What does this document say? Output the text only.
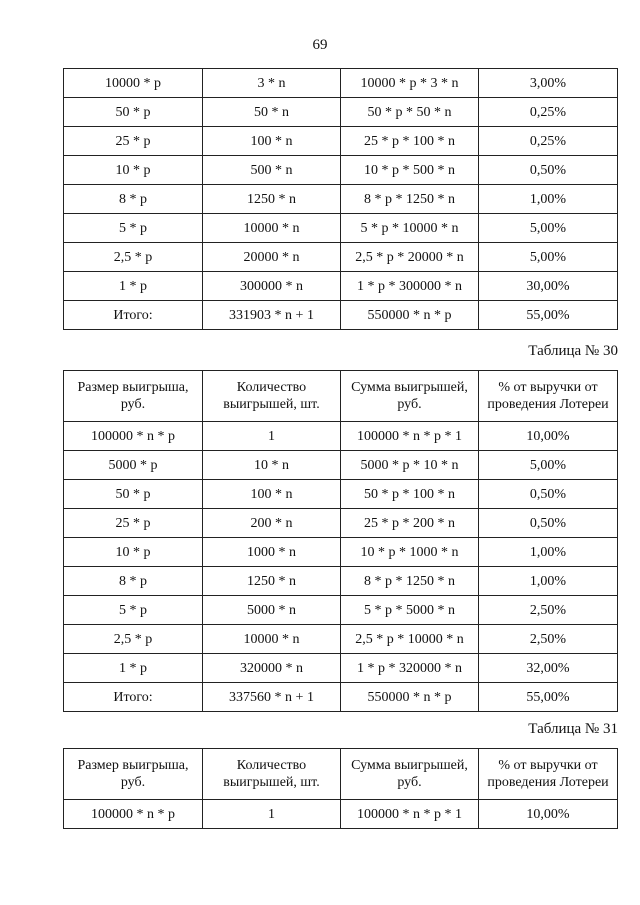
69
10000 * p	3 * n	10000 * p * 3 * n	3,00%
50 * p	50 * n	50 * p * 50 * n	0,25%
25 * p	100 * n	25 * p * 100 * n	0,25%
10 * p	500 * n	10 * p * 500 * n	0,50%
8 * p	1250 * n	8 * p * 1250 * n	1,00%
5 * p	10000 * n	5 * p * 10000 * n	5,00%
2,5 * p	20000 * n	2,5 * p * 20000 * n	5,00%
1 * p	300000 * n	1 * p * 300000 * n	30,00%
Итого:	331903 * n + 1	550000 * n * p	55,00%
Таблица № 30
Размер выигрыша, руб.	Количество выигрышей, шт.	Сумма выигрышей, руб.	% от выручки от проведения Лотереи
100000 * n * p	1	100000 * n * p * 1	10,00%
5000 * p	10 * n	5000 * p * 10 * n	5,00%
50 * p	100 * n	50 * p * 100 * n	0,50%
25 * p	200 * n	25 * p * 200 * n	0,50%
10 * p	1000 * n	10 * p * 1000 * n	1,00%
8 * p	1250 * n	8 * p * 1250 * n	1,00%
5 * p	5000 * n	5 * p * 5000 * n	2,50%
2,5 * p	10000 * n	2,5 * p * 10000 * n	2,50%
1 * p	320000 * n	1 * p * 320000 * n	32,00%
Итого:	337560 * n + 1	550000 * n * p	55,00%
Таблица № 31
Размер выигрыша, руб.	Количество выигрышей, шт.	Сумма выигрышей, руб.	% от выручки от проведения Лотереи
100000 * n * p	1	100000 * n * p * 1	10,00%
